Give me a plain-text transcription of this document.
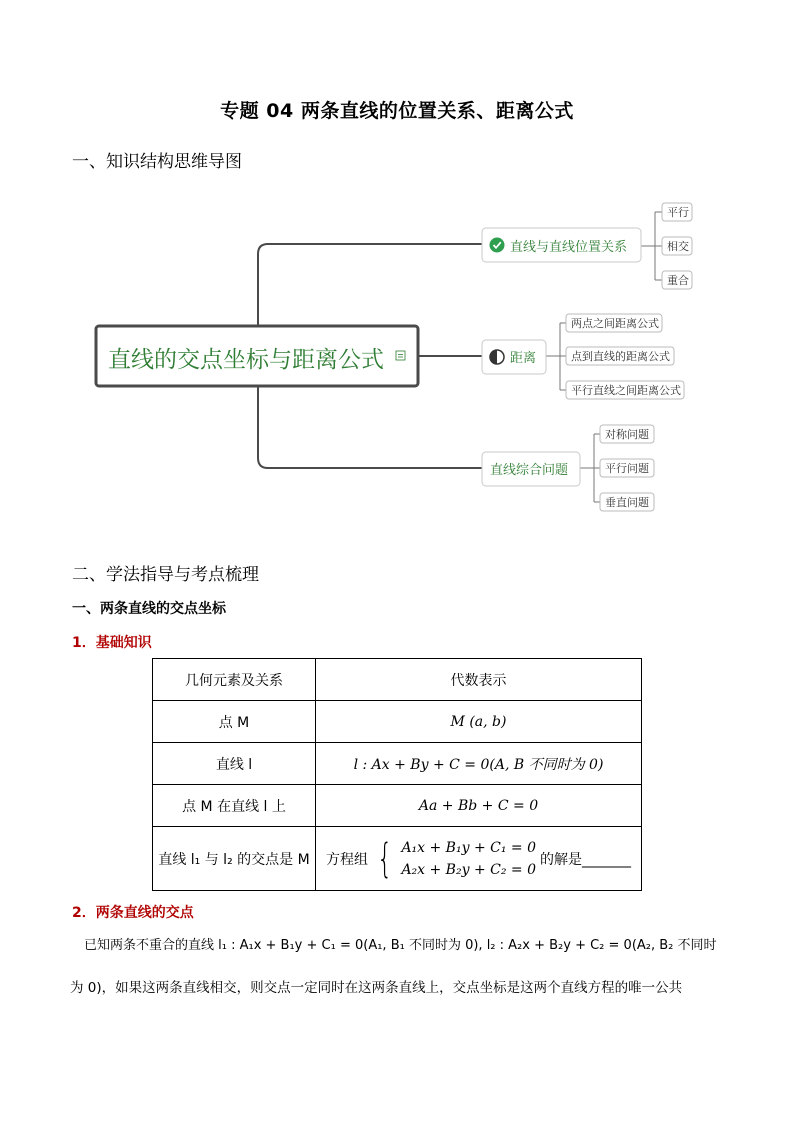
专题 04 两条直线的位置关系、距离公式
一、知识结构思维导图
直线的交点坐标与距离公式
直线与直线位置关系
距离
直线综合问题
平行
相交
重合
两点之间距离公式
点到直线的距离公式
平行直线之间距离公式
对称问题
平行问题
垂直问题
二、学法指导与考点梳理
一、两条直线的交点坐标
1．基础知识
几何元素及关系	代数表示
点 M	M (a, b)
直线 l	l : Ax + By + C = 0(A, B 不同时为 0)
点 M 在直线 l 上	Aa + Bb + C = 0
直线 l₁ 与 l₂ 的交点是 M	方程组 { A₁x + B₁y + C₁ = 0
A₂x + B₂y + C₂ = 0
的解是_______
2．两条直线的交点
已知两条不重合的直线 l₁ : A₁x + B₁y + C₁ = 0(A₁, B₁ 不同时为 0), l₂ : A₂x + B₂y + C₂ = 0(A₂, B₂ 不同时
为 0)，如果这两条直线相交，则交点一定同时在这两条直线上，交点坐标是这两个直线方程的唯一公共
